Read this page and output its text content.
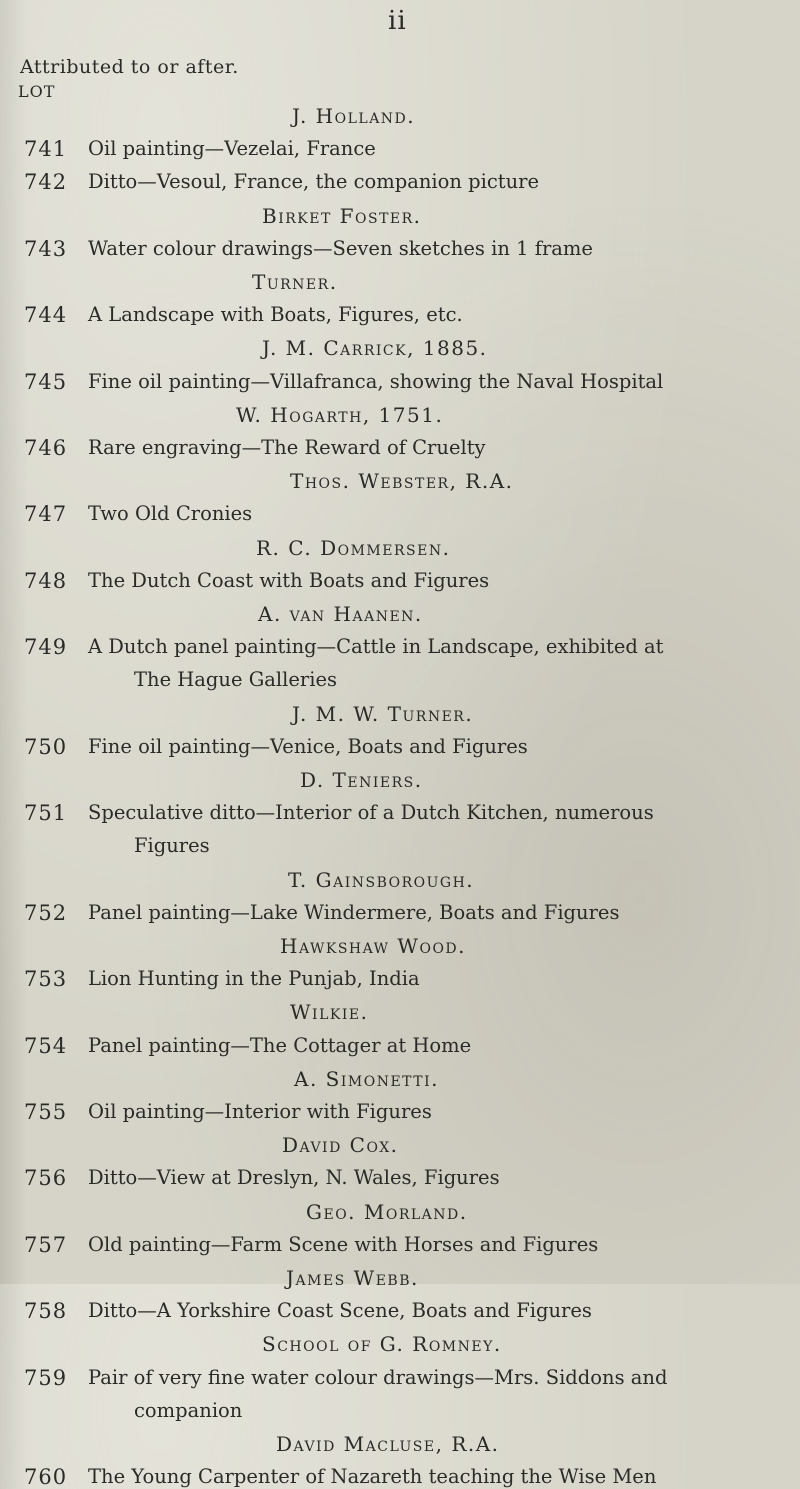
ii
Attributed to or after.
LOT
J. Holland.
741	Oil painting—Vezelai, France
742	Ditto—Vesoul, France, the companion picture
Birket Foster.
743	Water colour drawings—Seven sketches in 1 frame
Turner.
744	A Landscape with Boats, Figures, etc.
J. M. Carrick, 1885.
745	Fine oil painting—Villafranca, showing the Naval Hospital
W. Hogarth, 1751.
746	Rare engraving—The Reward of Cruelty
Thos. Webster, R.A.
747	Two Old Cronies
R. C. Dommersen.
748	The Dutch Coast with Boats and Figures
A. van Haanen.
749	A Dutch panel painting—Cattle in Landscape, exhibited at
The Hague Galleries
J. M. W. Turner.
750	Fine oil painting—Venice, Boats and Figures
D. Teniers.
751	Speculative ditto—Interior of a Dutch Kitchen, numerous
Figures
T. Gainsborough.
752	Panel painting—Lake Windermere, Boats and Figures
Hawkshaw Wood.
753	Lion Hunting in the Punjab, India
Wilkie.
754	Panel painting—The Cottager at Home
A. Simonetti.
755	Oil painting—Interior with Figures
David Cox.
756	Ditto—View at Dreslyn, N. Wales, Figures
Geo. Morland.
757	Old painting—Farm Scene with Horses and Figures
James Webb.
758	Ditto—A Yorkshire Coast Scene, Boats and Figures
School of G. Romney.
759	Pair of very fine water colour drawings—Mrs. Siddons and
companion
David Macluse, R.A.
760	The Young Carpenter of Nazareth teaching the Wise Men
